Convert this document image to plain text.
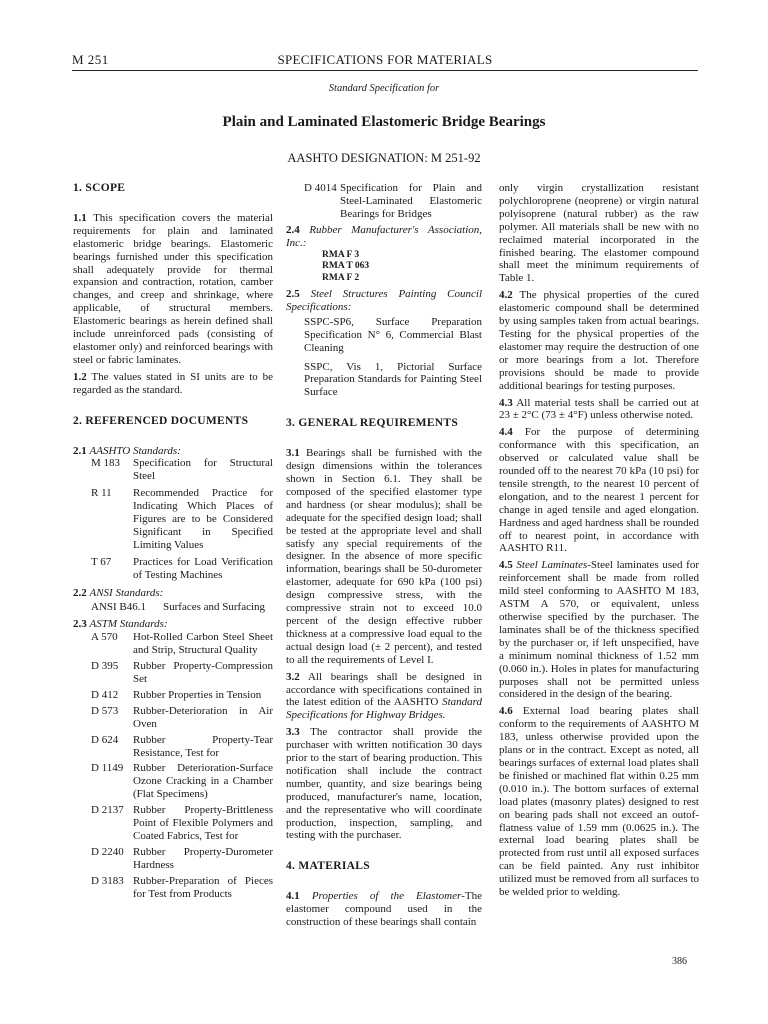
SPECIFICATIONS FOR MATERIALS
M 251
Standard Specification for
Plain and Laminated Elastomeric Bridge Bearings
AASHTO DESIGNATION: M 251-92

1. SCOPE

1.1 This specification covers the material requirements for plain and laminated elastomeric bridge bearings. Elastomeric bearings furnished under this specification shall adequately provide for thermal expansion and contraction, rotation, camber changes, and creep and shrinkage, where applicable, of structural members. Elastomeric bearings as herein defined shall include unreinforced pads (consisting of elastomer only) and reinforced bearings with steel or fabric laminates.

1.2 The values stated in SI units are to be regarded as the standard.

2. REFERENCED DOCUMENTS

2.1 AASHTO Standards:

M 183	Specification for Structural Steel
R 11	Recommended Practice for Indicating Which Places of Figures are to be Considered Significant in Specified Limiting Values
T 67	Practices for Load Verification of Testing Machines

2.2 ANSI Standards:

ANSI B46.1	Surfaces and Surfacing

2.3 ASTM Standards:

A 570	Hot-Rolled Carbon Steel Sheet and Strip, Structural Quality
D 395	Rubber Property-Compression Set
D 412	Rubber Properties in Tension
D 573	Rubber-Deterioration in Air Oven
D 624	Rubber Property-Tear Resistance, Test for
D 1149 Rubber Deterioration-Surface Ozone Cracking in a Chamber (Flat Specimens)
D 2137 Rubber Property-Brittleness Point of Flexible Polymers and Coated Fabrics, Test for
D 2240 Rubber Property-Durometer Hardness
D 3183 Rubber-Preparation of Pieces for Test from Products
D 4014 Specification for Plain and Steel-Laminated Elastomeric Bearings for Bridges

2.4 Rubber Manufacturer's Association, Inc.:

RMA F 3

RMA T 063

RMA F 2

2.5 Steel Structures Painting Council Specifications:

SSPC-SP6, Surface Preparation Specification N° 6, Commercial Blast Cleaning

SSPC, Vis 1, Pictorial Surface Preparation Standards for Painting Steel Surface

3. GENERAL REQUIREMENTS

3.1 Bearings shall be furnished with the design dimensions within the tolerances shown in Section 6.1. They shall be composed of the specified elastomer type and hardness (or shear modulus); shall be adequate for the specified design load; shall be tested at the appropriate level and shall satisfy any special requirements of the designer. In the absence of more specific information, bearings shall be 50-durometer elastomer, adequate for 690 kPa (100 psi) design compressive stress, with the compressive strain not to exceed 10.0 percent of the design effective rubber thickness at a compressive load equal to the actual design load (± 2 percent), and tested to all the requirements of Level I.

3.2 All bearings shall be designed in accordance with specifications contained in the latest edition of the AASHTO Standard Specifications for Highway Bridges.

3.3 The contractor shall provide the purchaser with written notification 30 days prior to the start of bearing production. This notification shall include the contract number, quantity, and size bearings being produced, manufacturer's name, location, and the representative who will coordinate production, inspection, sampling, and testing with the purchaser.

4. MATERIALS

4.1 Properties of the Elastomer-The elastomer compound used in the construction of these bearings shall contain

only virgin crystallization resistant polychloroprene (neoprene) or virgin natural polyisoprene (natural rubber) as the raw polymer. All materials shall be new with no reclaimed material incorporated in the finished bearing. The elastomer compound shall meet the minimum requirements of Table 1.

4.2 The physical properties of the cured elastomeric compound shall be determined by using samples taken from actual bearings. Testing for the physical properties of the elastomer may require the destruction of one or more bearings from a lot. Therefore provisions should be made to provide additional bearings for testing purposes.

4.3 All material tests shall be carried out at 23 ± 2°C (73 ± 4°F) unless otherwise noted.

4.4 For the purpose of determining conformance with this specification, an observed or calculated value shall be rounded off to the nearest 70 kPa (10 psi) for tensile strength, to the nearest 10 percent of elongation, and to the nearest 1 percent for change in aged tensile and aged elongation. Hardness and aged hardness shall be rounded off to nearest point, in accordance with AASHTO R11.

4.5 Steel Laminates-Steel laminates used for reinforcement shall be made from rolled mild steel conforming to AASHTO M 183, ASTM A 570, or equivalent, unless otherwise specified by the purchaser. The laminates shall be of the thickness specified by the purchaser or, if left unspecified, have a minimum nominal thickness of 1.52 mm (0.060 in.). Holes in plates for manufacturing purposes shall not be permitted unless considered in the design of the bearing.

4.6 External load bearing plates shall conform to the requirements of AASHTO M 183, unless otherwise provided upon the plans or in the contract. Except as noted, all bearings surfaces of external load plates shall be finished or machined flat within 0.25 mm (0.010 in.). The bottom surfaces of external load plates (masonry plates) designed to rest on bearing pads shall not exceed an outof-flatness value of 1.59 mm (0.0625 in.). The external load bearing plates shall be protected from rust until all exposed surfaces can be field painted. Any rust inhibitor utilized must be removed from all surfaces to be welded prior to welding.

386
